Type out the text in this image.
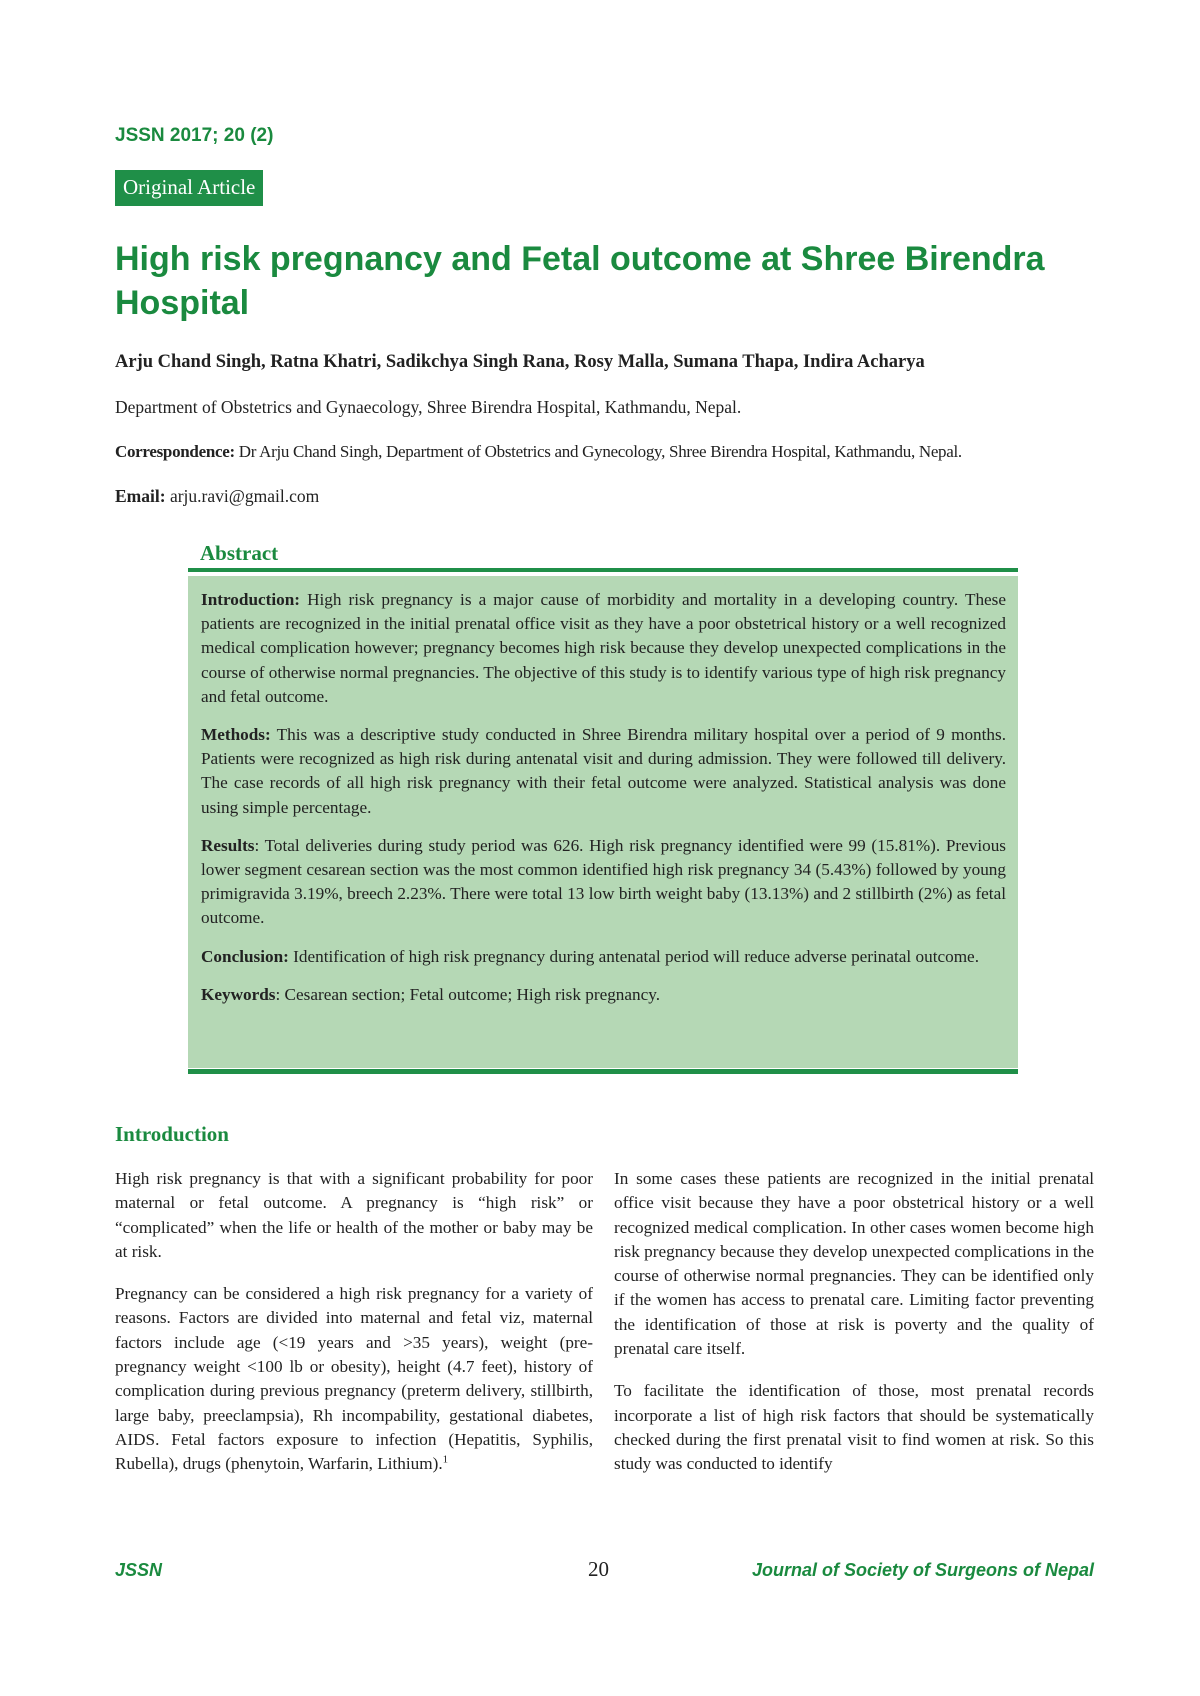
JSSN 2017; 20 (2)
Original Article
High risk pregnancy and Fetal outcome at Shree Birendra Hospital
Arju Chand Singh, Ratna Khatri, Sadikchya Singh Rana, Rosy Malla, Sumana Thapa, Indira Acharya
Department of Obstetrics and Gynaecology, Shree Birendra Hospital, Kathmandu, Nepal.
Correspondence: Dr Arju Chand Singh, Department of Obstetrics and Gynecology, Shree Birendra Hospital, Kathmandu, Nepal.
Email: arju.ravi@gmail.com
Abstract

Introduction: High risk pregnancy is a major cause of morbidity and mortality in a developing country. These patients are recognized in the initial prenatal office visit as they have a poor obstetrical history or a well recognized medical complication however; pregnancy becomes high risk because they develop unexpected complications in the course of otherwise normal pregnancies. The objective of this study is to identify various type of high risk pregnancy and fetal outcome.

Methods: This was a descriptive study conducted in Shree Birendra military hospital over a period of 9 months. Patients were recognized as high risk during antenatal visit and during admission. They were followed till delivery. The case records of all high risk pregnancy with their fetal outcome were analyzed. Statistical analysis was done using simple percentage.

Results: Total deliveries during study period was 626. High risk pregnancy identified were 99 (15.81%). Previous lower segment cesarean section was the most common identified high risk pregnancy 34 (5.43%) followed by young primigravida 3.19%, breech 2.23%. There were total 13 low birth weight baby (13.13%) and 2 stillbirth (2%) as fetal outcome.

Conclusion: Identification of high risk pregnancy during antenatal period will reduce adverse perinatal outcome.

Keywords: Cesarean section; Fetal outcome; High risk pregnancy.

Introduction

High risk pregnancy is that with a significant probability for poor maternal or fetal outcome. A pregnancy is “high risk” or “complicated” when the life or health of the mother or baby may be at risk.

Pregnancy can be considered a high risk pregnancy for a variety of reasons. Factors are divided into maternal and fetal viz, maternal factors include age (<19 years and >35 years), weight (pre-pregnancy weight <100 lb or obesity), height (4.7 feet), history of complication during previous pregnancy (preterm delivery, stillbirth, large baby, preeclampsia), Rh incompability, gestational diabetes, AIDS. Fetal factors exposure to infection (Hepatitis, Syphilis, Rubella), drugs (phenytoin, Warfarin, Lithium).$^1$

In some cases these patients are recognized in the initial prenatal office visit because they have a poor obstetrical history or a well recognized medical complication. In other cases women become high risk pregnancy because they develop unexpected complications in the course of otherwise normal pregnancies. They can be identified only if the women has access to prenatal care. Limiting factor preventing the identification of those at risk is poverty and the quality of prenatal care itself.

To facilitate the identification of those, most prenatal records incorporate a list of high risk factors that should be systematically checked during the first prenatal visit to find women at risk. So this study was conducted to identify

JSSN	20	Journal of Society of Surgeons of Nepal
